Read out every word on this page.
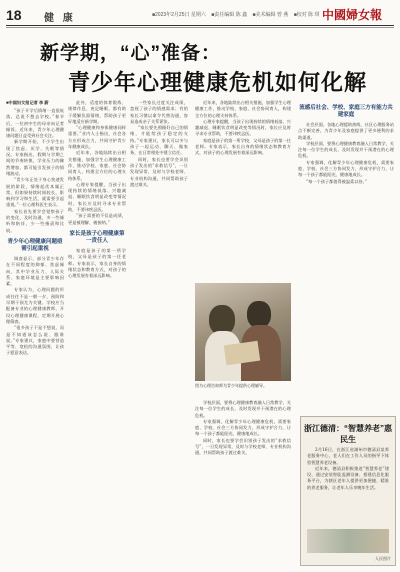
18 健 康	■2023年2月25日 星期六 ■责任编辑 陈 鑫 ■美术编辑 曾 燕 ■校对 陈 琪 中國婦女報
新学期，“心”准备：
青少年心理健康危机如何化解
■中国妇女报记者 李 蔚

“孩子开学后情绪一直很低落，总说不想去学校。”春节后，一位初中生的母亲向记者倾诉。近年来，青少年心理健康问题日益受到社会关注。

新学期开始，不少学生出现了焦虑、厌学、失眠等情况。专家指出，假期与学期之间的节奏转换，学业压力的骤然增加，都可能引发孩子的情绪波动。

“青少年正处于身心快速发展的阶段，情绪起伏本属正常，但如果持续时间较长，影响到学习和生活，就需要引起重视。”一位心理科医生表示。

家长首先要学会觉察孩子的变化，及时沟通，多一些倾听和陪伴，少一些指责和比较。

青少年心理健康问题亟需引起重视

调查显示，部分青少年存在不同程度的抑郁、焦虑倾向，其中学业压力、人际关系、家庭环境是主要影响因素。

专家认为，心理问题的形成往往不是一朝一夕，预防和早期干预尤为关键。学校应当配备专业的心理健康教师，开设心理健康课程，定期开展心理筛查。

“很多孩子不是不想说，而是不知道该怎么说、跟谁说。”专家建议，家庭中要营造平等、宽松的沟通氛围，让孩子愿意表达。

此外，适度的体育锻炼、规律作息、充足睡眠，都有助于缓解负面情绪，帮助孩子更好地适应新学期。

“心理健康和身体健康同样重要。”业内人士指出，社会各方应形成合力，共同守护青少年健康成长。

近年来，各地陆续出台相关措施，加强学生心理健康工作，推动学校、家庭、社会协同育人，构建全方位的心理支持体系。

心理专家提醒，当孩子出现持续的情绪低落、兴趣减退、睡眠饮食明显改变等情况时，家长应及时寻求专业帮助，不要讳疾忌医。

“孩子需要的不仅是成绩，更是被理解、被接纳。”

家长是孩子心理健康第一责任人

家庭是孩子的第一所学校，父母是孩子的第一任老师。专家表示，家长自身的情绪状态和教育方式，对孩子的心理发展有着深远影响。

一些家长过度关注成绩，忽视了孩子的情感需求；有的家长习惯以命令代替沟通，容易造成亲子关系紧张。

“家长要先照顾好自己的情绪，才能给孩子稳定的支持。”专家建议，家长可以多与孩子一起运动、聊天、做家务，在日常相处中建立信任。

同时，家长也要学会识别孩子发出的“求救信号”，一旦发现异常，及时与学校老师、专业机构沟通，共同帮助孩子渡过难关。

近年来，各地陆续出台相关措施，加强学生心理健康工作，推动学校、家庭、社会协同育人，构建全方位的心理支持体系。

心理专家提醒，当孩子出现持续的情绪低落、兴趣减退、睡眠饮食明显改变等情况时，家长应及时寻求专业帮助，不要讳疾忌医。

家庭是孩子的第一所学校，父母是孩子的第一任老师。专家表示，家长自身的情绪状态和教育方式，对孩子的心理发展有着深远影响。

流感后社会、学校、家庭三方有能力共建家庭

社会层面，各地心理援助热线、社区心理服务站点不断完善，为青少年及家庭提供了更多便利的求助渠道。

学校层面，要将心理健康教育融入日常教学，关注每一位学生的成长，及时发现并干预潜在的心理危机。

专家强调，化解青少年心理健康危机，需要家庭、学校、社会三方协同发力，形成守护合力，让每一个孩子都能阳光、健康地成长。

“每一个孩子都值得被温柔以待。”

图为心理咨询师为青少年提供心理辅导。

学校层面，要将心理健康教育融入日常教学，关注每一位学生的成长，及时发现并干预潜在的心理危机。

专家强调，化解青少年心理健康危机，需要家庭、学校、社会三方协同发力，形成守护合力，让每一个孩子都能阳光、健康地成长。

同时，家长也要学会识别孩子发出的“求救信号”，一旦发现异常，及时与学校老师、专业机构沟通，共同帮助孩子渡过难关。

浙江德清：“智慧养老”惠民生

2月16日，在浙江省湖州市德清县某养老服务中心，老人们在工作人员的指导下体验智慧养老设备。

近年来，德清县积极推进“智慧养老”建设，通过安装智能监测设备、搭建信息化服务平台，为辖区老年人提供更加便捷、精准的养老服务，让老年人乐享晚年生活。

人民图片
